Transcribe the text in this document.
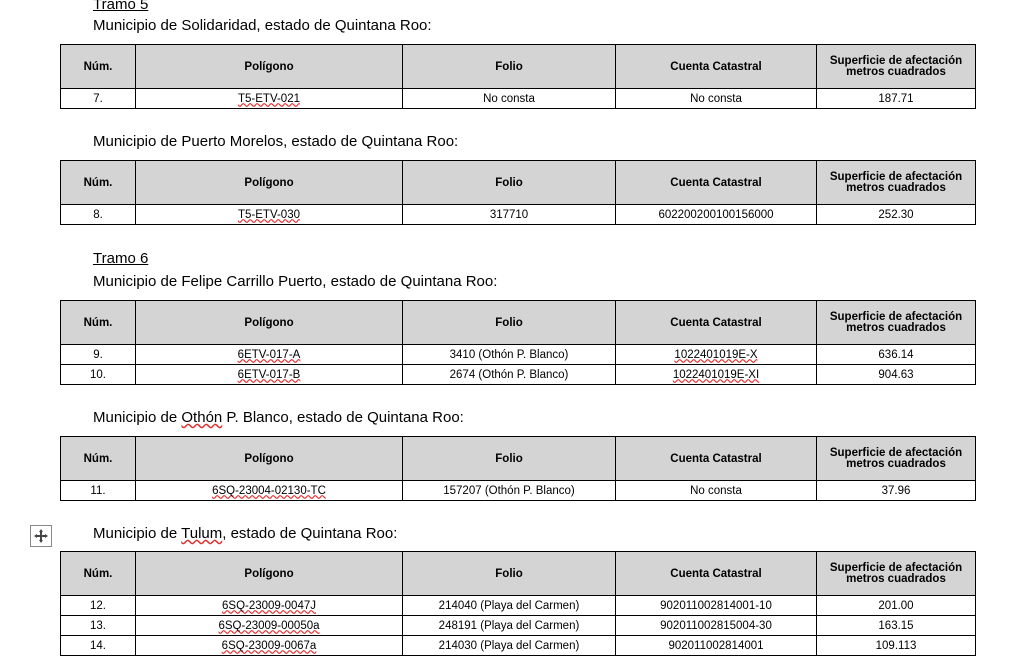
Tramo 5
Tramo 6
Municipio de Solidaridad, estado de Quintana Roo:
Núm.	Polígono	Folio	Cuenta Catastral	Superficie de afectación metros cuadrados
7.	T5-ETV-021	No consta	No consta	187.71
Municipio de Puerto Morelos, estado de Quintana Roo:
Núm.	Polígono	Folio	Cuenta Catastral	Superficie de afectación metros cuadrados
8.	T5-ETV-030	317710	602200200100156000	252.30
Municipio de Felipe Carrillo Puerto, estado de Quintana Roo:
Núm.	Polígono	Folio	Cuenta Catastral	Superficie de afectación metros cuadrados
9.	6ETV-017-A	3410 (Othón P. Blanco)	1022401019E-X	636.14
10.	6ETV-017-B	2674 (Othón P. Blanco)	1022401019E-XI	904.63
Municipio de Othón P. Blanco, estado de Quintana Roo:
Núm.	Polígono	Folio	Cuenta Catastral	Superficie de afectación metros cuadrados
11.	6SQ-23004-02130-TC	157207 (Othón P. Blanco)	No consta	37.96
Municipio de Tulum, estado de Quintana Roo:
Núm.	Polígono	Folio	Cuenta Catastral	Superficie de afectación metros cuadrados
12.	6SQ-23009-0047J	214040 (Playa del Carmen)	902011002814001-10	201.00
13.	6SQ-23009-00050a	248191 (Playa del Carmen)	902011002815004-30	163.15
14.	6SQ-23009-0067a	214030 (Playa del Carmen)	902011002814001	109.113
